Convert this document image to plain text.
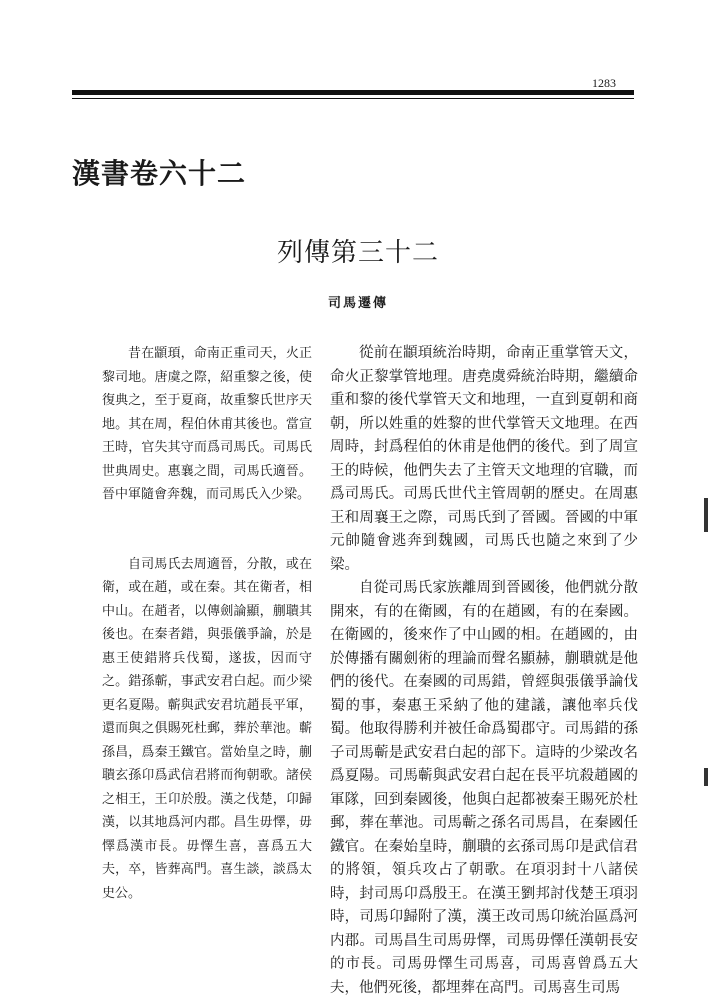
1283
漢書卷六十二
列傳第三十二
司馬遷傳

昔在顓頊，命南正重司天，火正黎司地。唐虞之際，紹重黎之後，使復典之，至于夏商，故重黎氏世序天地。其在周，程伯休甫其後也。當宣王時，官失其守而爲司馬氏。司馬氏世典周史。惠襄之間，司馬氏適晉。晉中軍隨會奔魏，而司馬氏入少梁。

自司馬氏去周適晉，分散，或在衛，或在趙，或在秦。其在衛者，相中山。在趙者，以傳劍論顯，蒯聵其後也。在秦者錯，與張儀爭論，於是惠王使錯將兵伐蜀，遂拔，因而守之。錯孫蘄，事武安君白起。而少梁更名夏陽。蘄與武安君坑趙長平軍，還而與之俱賜死杜郵，葬於華池。蘄孫昌，爲秦王鐵官。當始皇之時，蒯聵玄孫卬爲武信君將而徇朝歌。諸侯之相王，王卬於殷。漢之伐楚，卬歸漢，以其地爲河内郡。昌生毋懌，毋懌爲漢市長。毋懌生喜，喜爲五大夫，卒，皆葬高門。喜生談，談爲太史公。

從前在顓頊統治時期，命南正重掌管天文，命火正黎掌管地理。唐堯虞舜統治時期，繼續命重和黎的後代掌管天文和地理，一直到夏朝和商朝，所以姓重的姓黎的世代掌管天文地理。在西周時，封爲程伯的休甫是他們的後代。到了周宣王的時候，他們失去了主管天文地理的官職，而爲司馬氏。司馬氏世代主管周朝的歷史。在周惠王和周襄王之際，司馬氏到了晉國。晉國的中軍元帥隨會逃奔到魏國，司馬氏也隨之來到了少梁。

自從司馬氏家族離周到晉國後，他們就分散開來，有的在衛國，有的在趙國，有的在秦國。在衛國的，後來作了中山國的相。在趙國的，由於傳播有關劍術的理論而聲名顯赫，蒯聵就是他們的後代。在秦國的司馬錯，曾經與張儀爭論伐蜀的事，秦惠王采納了他的建議，讓他率兵伐蜀。他取得勝利并被任命爲蜀郡守。司馬錯的孫子司馬蘄是武安君白起的部下。這時的少梁改名爲夏陽。司馬蘄與武安君白起在長平坑殺趙國的軍隊，回到秦國後，他與白起都被秦王賜死於杜郵，葬在華池。司馬蘄之孫名司馬昌，在秦國任鐵官。在秦始皇時，蒯聵的玄孫司馬卬是武信君的將領，領兵攻占了朝歌。在項羽封十八諸侯時，封司馬卬爲殷王。在漢王劉邦討伐楚王項羽時，司馬卬歸附了漢，漢王改司馬卬統治區爲河内郡。司馬昌生司馬毋懌，司馬毋懌任漢朝長安的市長。司馬毋懌生司馬喜，司馬喜曾爲五大夫，他們死後，都埋葬在高門。司馬喜生司馬
